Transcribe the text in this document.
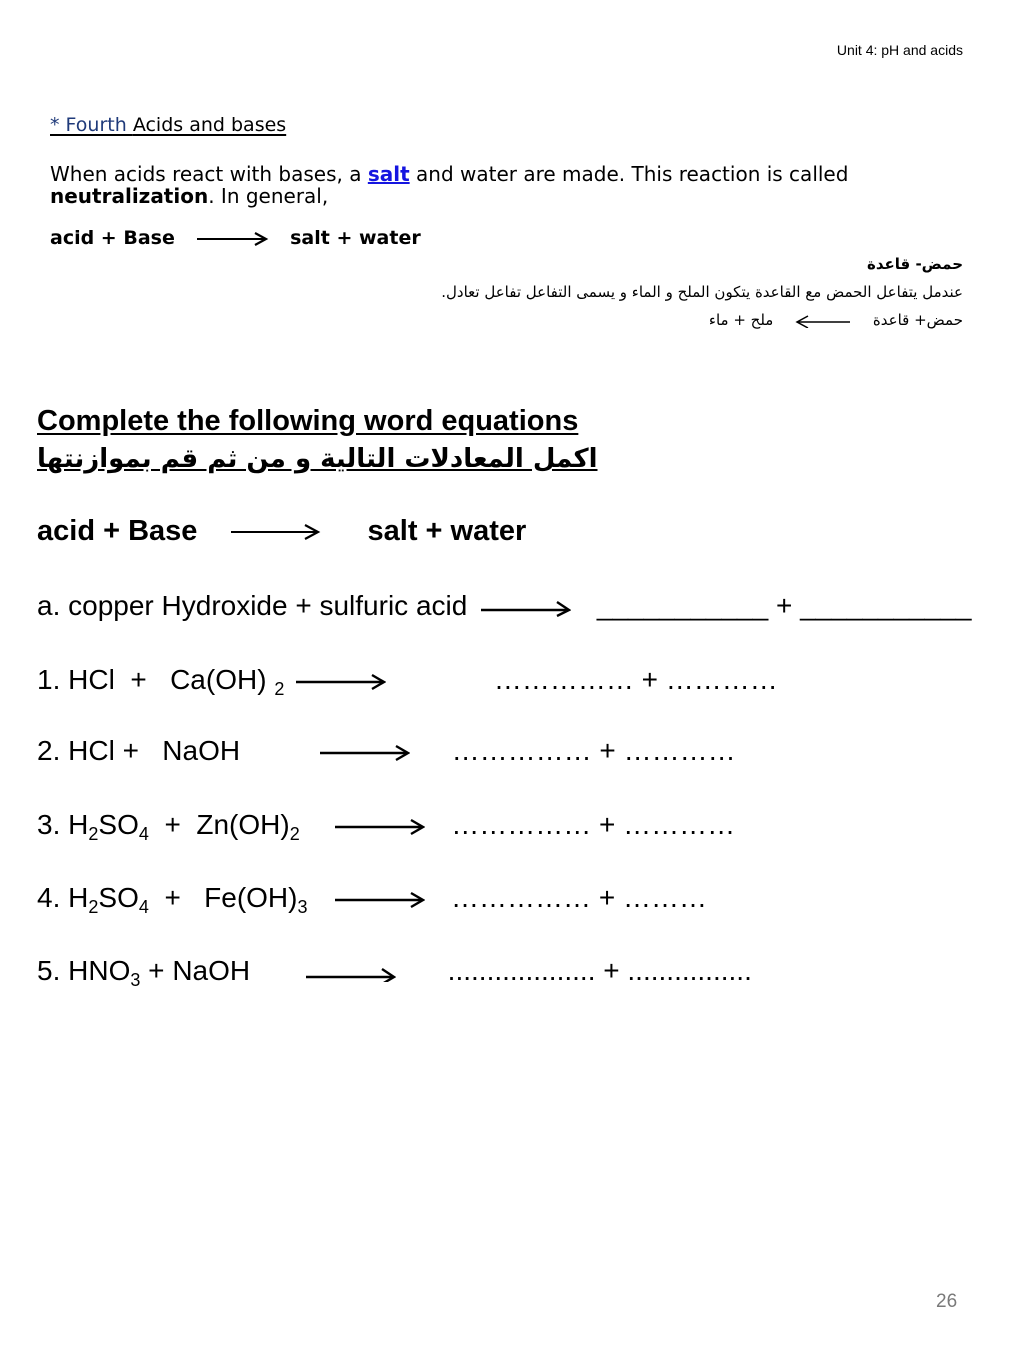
Unit 4: pH and acids
* Fourth Acids and bases
When acids react with bases, a salt and water are made. This reaction is called
neutralization. In general,
acid + Base	salt + water
حمض- قاعدة
عندمل يتفاعل الحمض مع القاعدة يتكون الملح و الماء و يسمى التفاعل تفاعل تعادل.
حمض+ قاعدة  ملح + ماء
Complete the following word equations
اكمل المعادلات التالية و من ثم قم بموازنتها
acid + Base	salt + water
a. copper Hydroxide + sulfuric acid	___________ + ___________
1. HCl + Ca(OH) $_2$	…………… + …………
2. HCl + NaOH	…………… + …………
3. $H_2SO_4 + Zn(OH)_2$	…………… + …………
4. $H_2SO_4 + Fe(OH)_3$	…………… + ………
5. $HNO_3$ + NaOH	................... + ................
26
